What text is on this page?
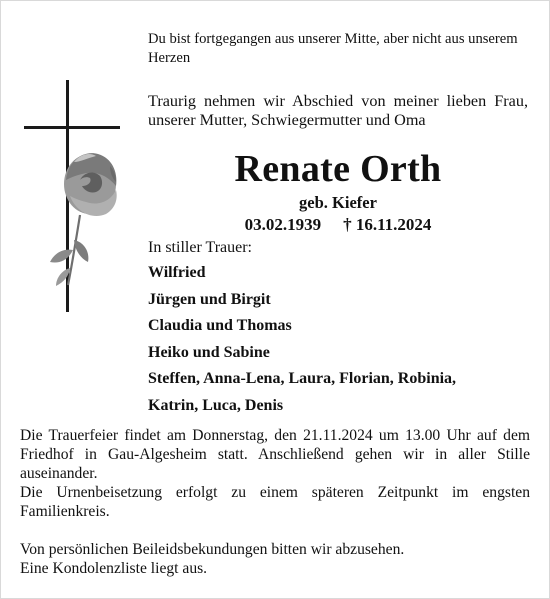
Du bist fortgegangen aus unserer Mitte, aber nicht aus unserem Herzen
Traurig nehmen wir Abschied von meiner lieben Frau, unserer Mutter, Schwiegermutter und Oma
Renate Orth
geb. Kiefer
03.02.1939 † 16.11.2024
In stiller Trauer:
Wilfried
Jürgen und Birgit
Claudia und Thomas
Heiko und Sabine
Steffen, Anna-Lena, Laura, Florian, Robinia,
Katrin, Luca, Denis

Die Trauerfeier findet am Donnerstag, den 21.11.2024 um 13.00 Uhr auf dem Friedhof in Gau-Algesheim statt. Anschließend gehen wir in aller Stille auseinander.

Die Urnenbeisetzung erfolgt zu einem späteren Zeitpunkt im engsten Familienkreis.

Von persönlichen Beileidsbekundungen bitten wir abzusehen.

Eine Kondolenzliste liegt aus.
